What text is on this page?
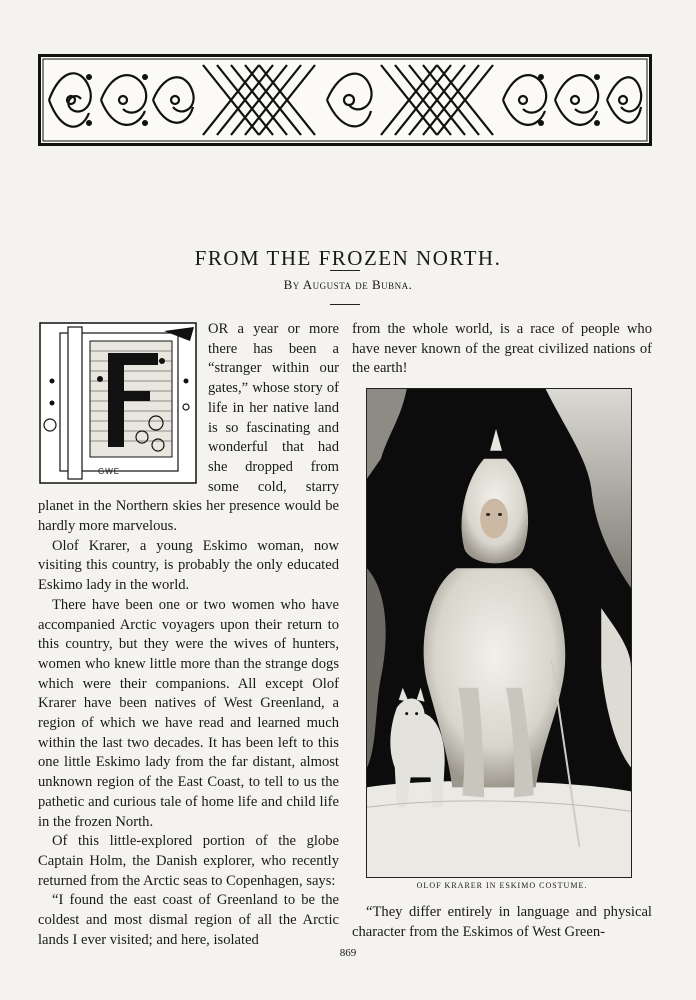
FROM THE FROZEN NORTH.
By Augusta de Bubna.
GWE

OR a year or more there has been a “stranger within our gates,” whose story of life in her native land is so fascinating and wonderful that had she dropped from some cold, starry planet in the Northern skies her presence would be hardly more marvelous.

Olof Krarer, a young Eskimo woman, now visiting this country, is probably the only educated Eskimo lady in the world.

There have been one or two women who have accompanied Arctic voyagers upon their return to this country, but they were the wives of hunters, women who knew little more than the strange dogs which were their companions. All except Olof Krarer have been natives of West Greenland, a region of which we have read and learned much within the last two decades. It has been left to this one little Eskimo lady from the far distant, almost unknown region of the East Coast, to tell to us the pathetic and curious tale of home life and child life in the frozen North.

Of this little-explored portion of the globe Captain Holm, the Danish explorer, who recently returned from the Arctic seas to Copenhagen, says:

“I found the east coast of Greenland to be the coldest and most dismal region of all the Arctic lands I ever visited; and here, isolated

from the whole world, is a race of people who have never known of the great civilized nations of the earth!

OLOF KRARER IN ESKIMO COSTUME.

“They differ entirely in language and physical character from the Eskimos of West Green-

869
